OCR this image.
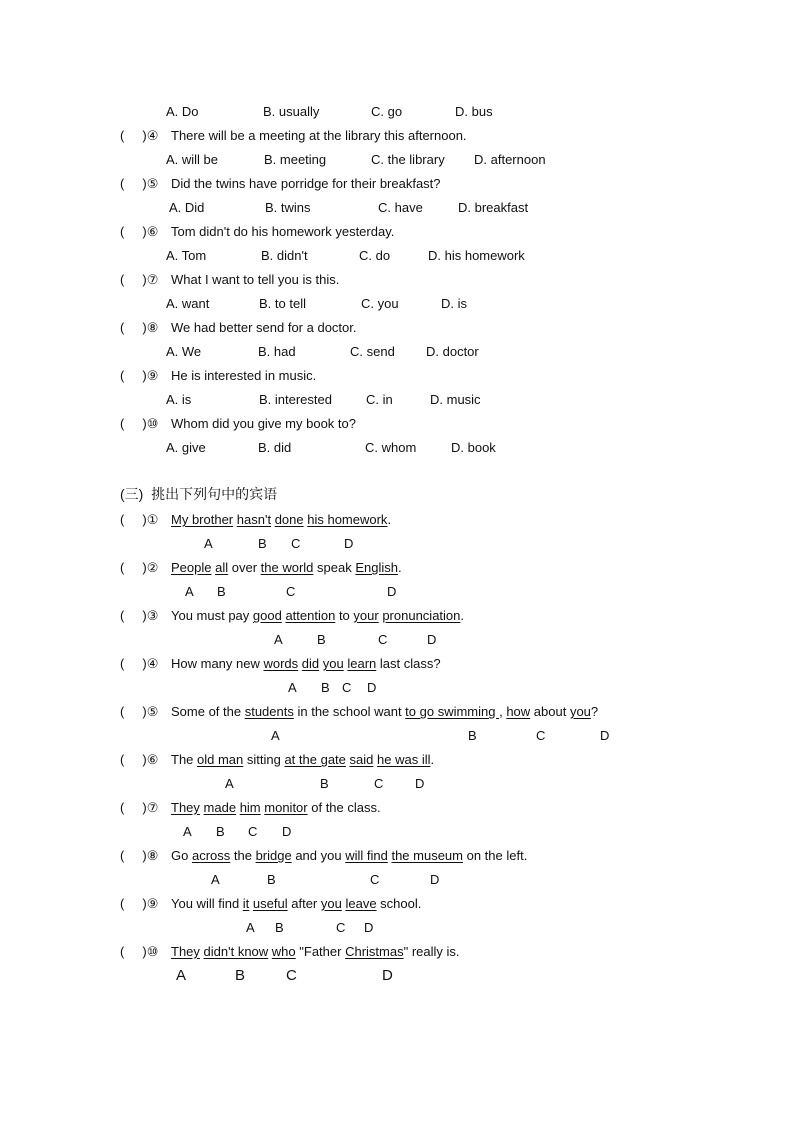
A. Do	B. usually	C. go	D. bus
(     )④ There will be a meeting at the library this afternoon.
A. will be	B. meeting	C. the library D. afternoon
(     )⑤ Did the twins have porridge for their breakfast?
A. Did	B. twins	C. have	D. breakfast
(     )⑥ Tom didn't do his homework yesterday.
A. Tom	B. didn't	C. do	D. his homework
(     )⑦ What I want to tell you is this.
A. want	B. to tell	C. you	D. is
(     )⑧ We had better send for a doctor.
A. We	B. had	C. send D. doctor
(     )⑨ He is interested in music.
A. is	B. interested	C. in	D. music
(     )⑩ Whom did you give my book to?
A. give	B. did	C. whom	D. book
(三)  挑出下列句中的宾语
(     )① My brother hasn't done his homework.
A	B C	D
(     )② People all over the world speak English.
A B	C	D
(     )③ You must pay good attention to your pronunciation.
A	B	C	D
(     )④ How many new words did you learn last class?
A B C D
(     )⑤ Some of the students in the school want to go swimming , how about you?
A	B	C	D
(     )⑥ The old man sitting at the gate said he was ill.
A	B	C D
(     )⑦ They made him monitor of the class.
A B C D
(     )⑧ Go across the bridge and you will find the museum on the left.
A	B	C	D
(     )⑨ You will find it useful after you leave school.
A B	C D
(     )⑩ They didn't know who "Father Christmas" really is.
A	B	C	D
